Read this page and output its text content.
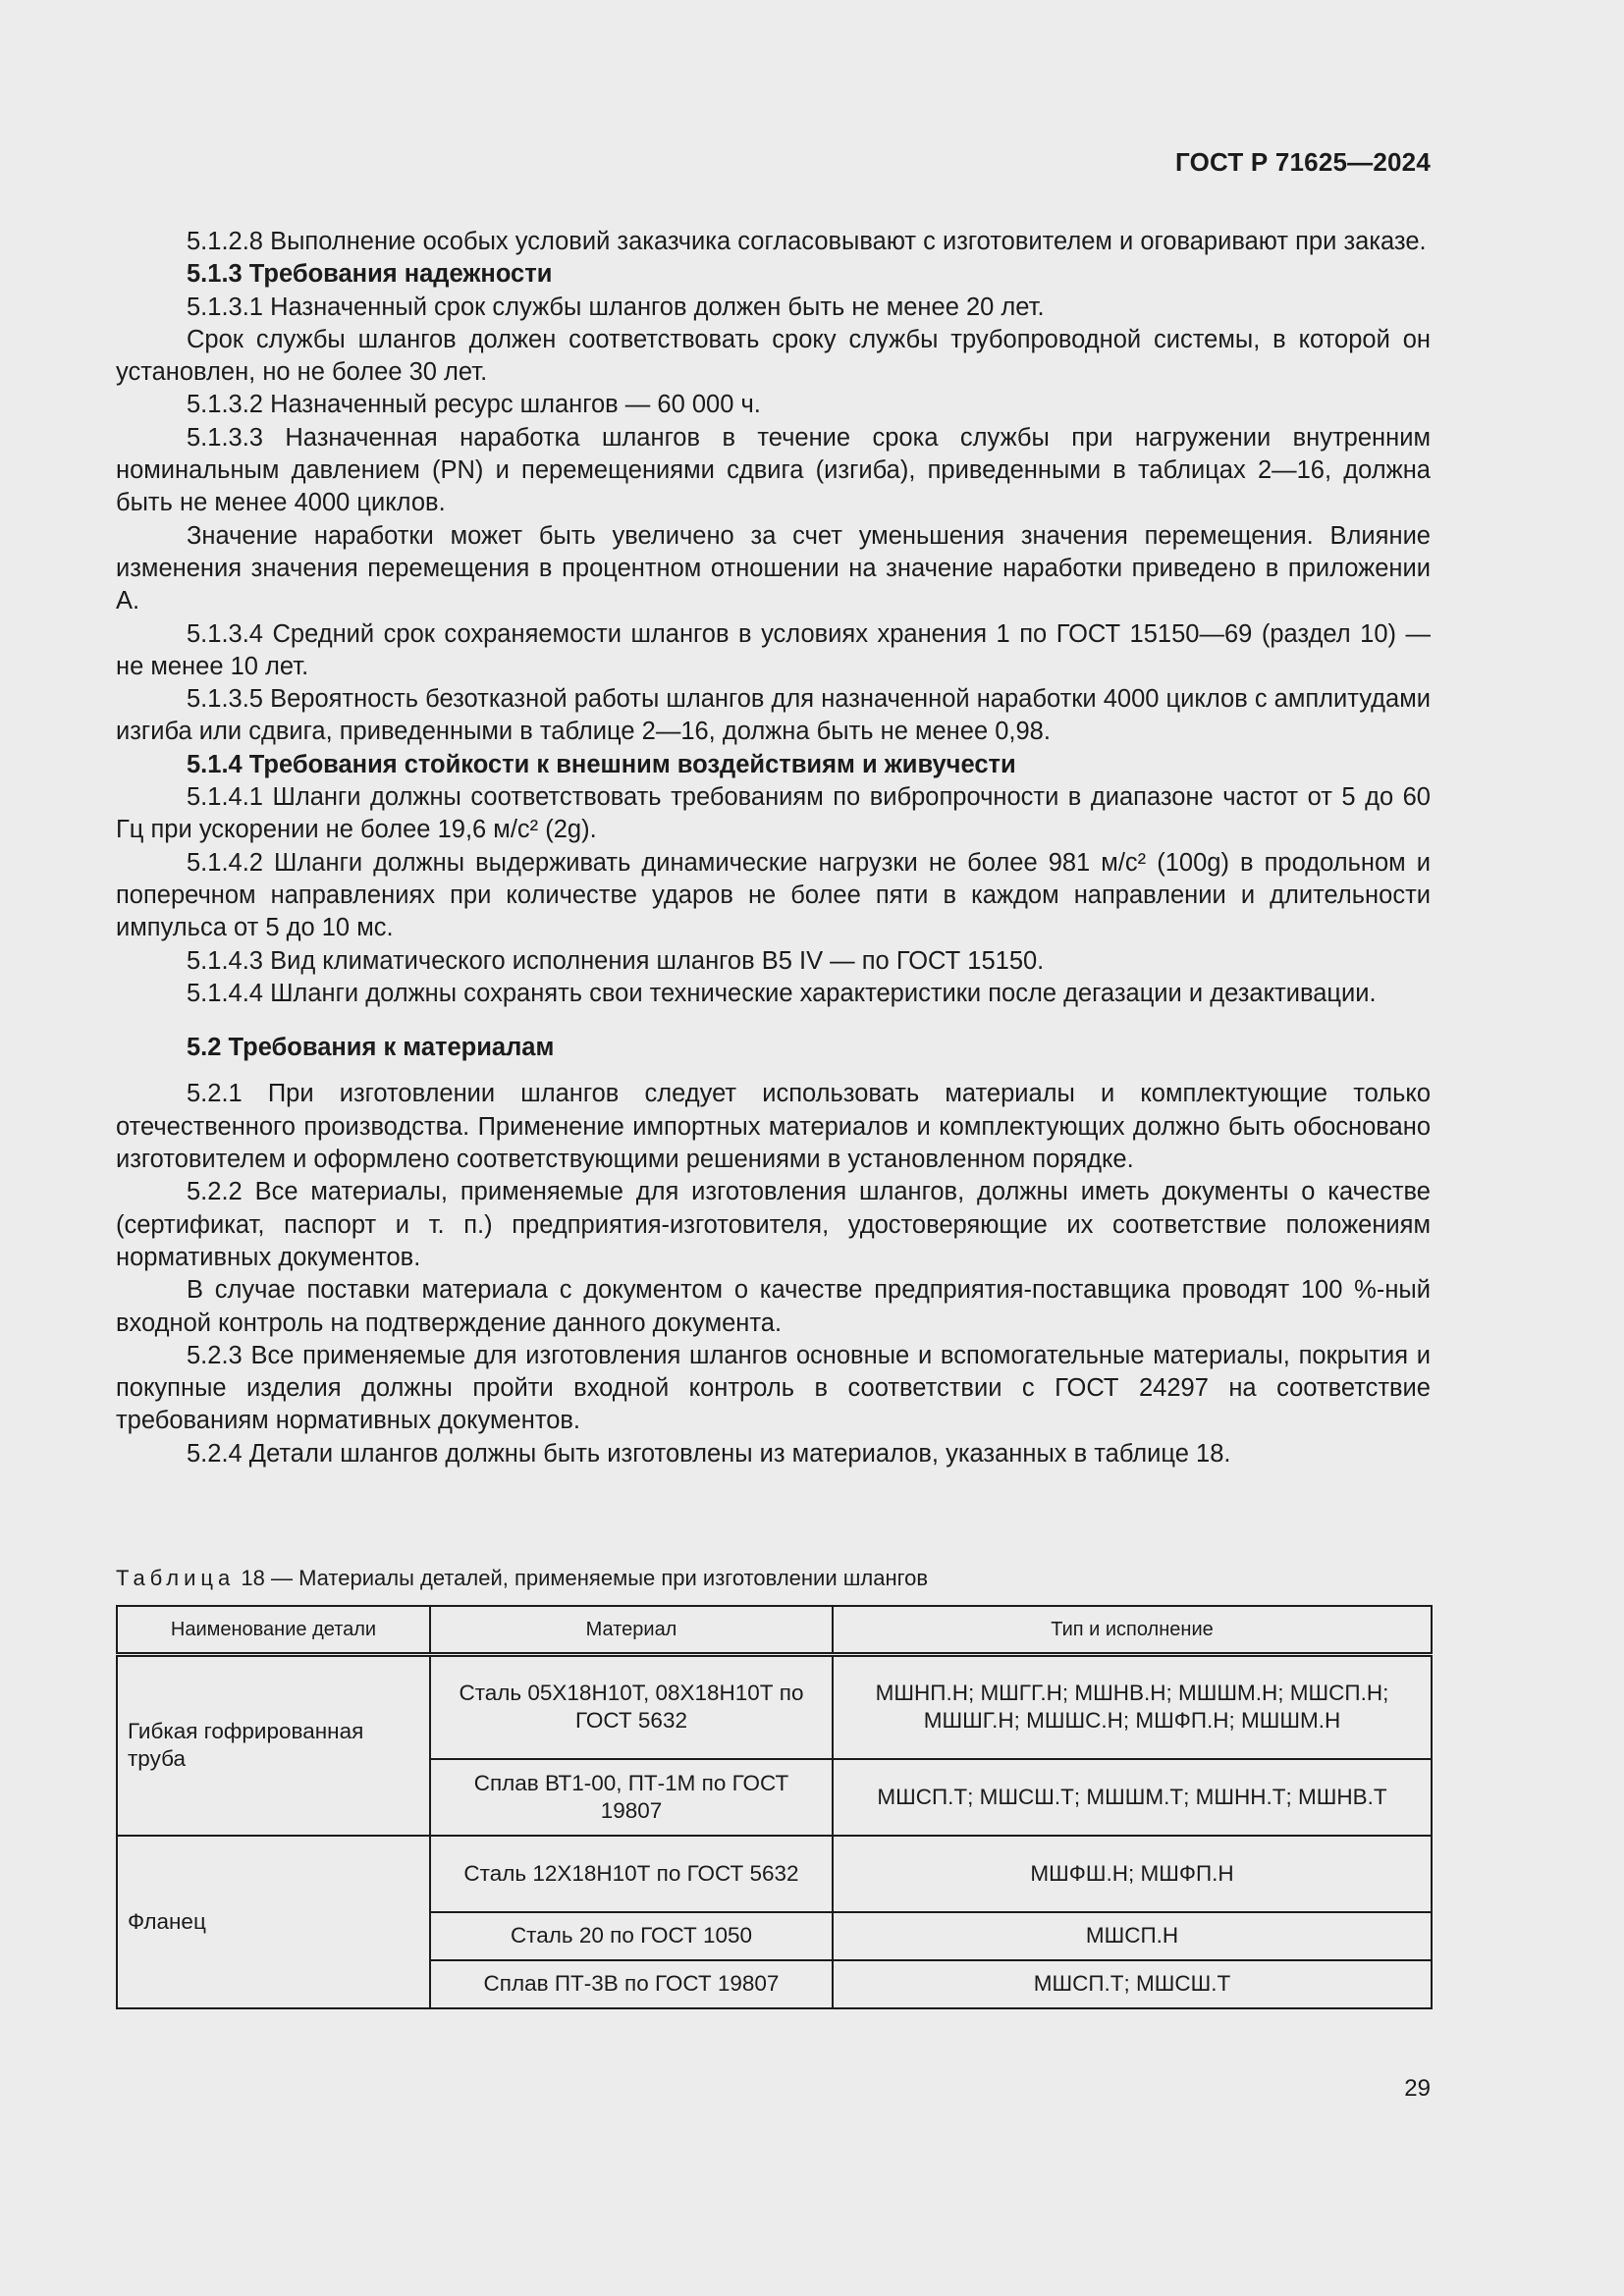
ГОСТ Р 71625—2024

5.1.2.8 Выполнение особых условий заказчика согласовывают с изготовителем и оговаривают при заказе.

5.1.3 Требования надежности

5.1.3.1 Назначенный срок службы шлангов должен быть не менее 20 лет.

Срок службы шлангов должен соответствовать сроку службы трубопроводной системы, в которой он установлен, но не более 30 лет.

5.1.3.2 Назначенный ресурс шлангов — 60 000 ч.

5.1.3.3 Назначенная наработка шлангов в течение срока службы при нагружении внутренним номинальным давлением (PN) и перемещениями сдвига (изгиба), приведенными в таблицах 2—16, должна быть не менее 4000 циклов.

Значение наработки может быть увеличено за счет уменьшения значения перемещения. Влияние изменения значения перемещения в процентном отношении на значение наработки приведено в приложении А.

5.1.3.4 Средний срок сохраняемости шлангов в условиях хранения 1 по ГОСТ 15150—69 (раздел 10) — не менее 10 лет.

5.1.3.5 Вероятность безотказной работы шлангов для назначенной наработки 4000 циклов с амплитудами изгиба или сдвига, приведенными в таблице 2—16, должна быть не менее 0,98.

5.1.4 Требования стойкости к внешним воздействиям и живучести

5.1.4.1 Шланги должны соответствовать требованиям по вибропрочности в диапазоне частот от 5 до 60 Гц при ускорении не более 19,6 м/с² (2g).

5.1.4.2 Шланги должны выдерживать динамические нагрузки не более 981 м/с² (100g) в продольном и поперечном направлениях при количестве ударов не более пяти в каждом направлении и длительности импульса от 5 до 10 мс.

5.1.4.3 Вид климатического исполнения шлангов В5 IV — по ГОСТ 15150.

5.1.4.4 Шланги должны сохранять свои технические характеристики после дегазации и дезактивации.

5.2 Требования к материалам

5.2.1 При изготовлении шлангов следует использовать материалы и комплектующие только отечественного производства. Применение импортных материалов и комплектующих должно быть обосновано изготовителем и оформлено соответствующими решениями в установленном порядке.

5.2.2 Все материалы, применяемые для изготовления шлангов, должны иметь документы о качестве (сертификат, паспорт и т. п.) предприятия-изготовителя, удостоверяющие их соответствие положениям нормативных документов.

В случае поставки материала с документом о качестве предприятия-поставщика проводят 100 %-ный входной контроль на подтверждение данного документа.

5.2.3 Все применяемые для изготовления шлангов основные и вспомогательные материалы, покрытия и покупные изделия должны пройти входной контроль в соответствии с ГОСТ 24297 на соответствие требованиям нормативных документов.

5.2.4 Детали шлангов должны быть изготовлены из материалов, указанных в таблице 18.

Таблица 18 — Материалы деталей, применяемые при изготовлении шлангов
Наименование детали	Материал	Тип и исполнение
Гибкая гофрированная труба	Сталь 05Х18Н10Т, 08Х18Н10Т по ГОСТ 5632	МШНП.Н; МШГГ.Н; МШНВ.Н; МШШМ.Н; МШСП.Н; МШШГ.Н; МШШС.Н; МШФП.Н; МШШМ.Н
	Сплав ВТ1-00, ПТ-1М по ГОСТ 19807	МШСП.Т; МШСШ.Т; МШШМ.Т; МШНН.Т; МШНВ.Т
Фланец	Сталь 12Х18Н10Т по ГОСТ 5632	МШФШ.Н; МШФП.Н
	Сталь 20 по ГОСТ 1050	МШСП.Н
	Сплав ПТ-3В по ГОСТ 19807	МШСП.Т; МШСШ.Т
29
